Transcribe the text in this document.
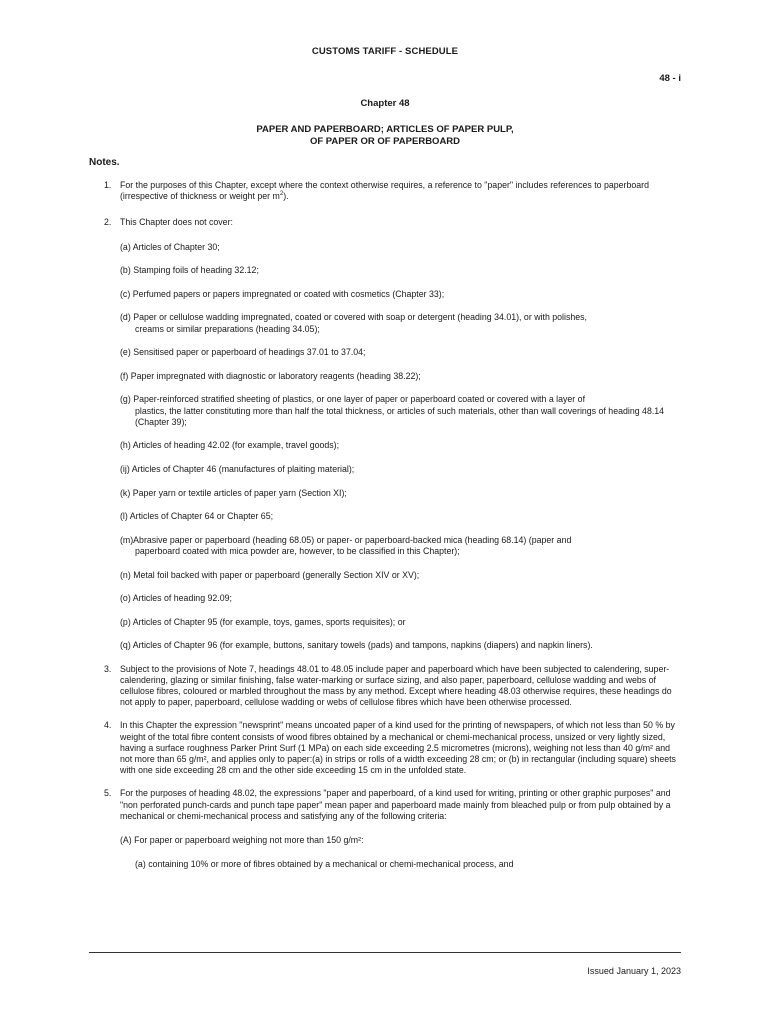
CUSTOMS TARIFF - SCHEDULE
48 - i
Chapter 48
PAPER AND PAPERBOARD; ARTICLES OF PAPER PULP,
OF PAPER OR OF PAPERBOARD
Notes.
1. For the purposes of this Chapter, except where the context otherwise requires, a reference to "paper" includes references to paperboard (irrespective of thickness or weight per $m^2$).
2. This Chapter does not cover:
(a) Articles of Chapter 30;
(b) Stamping foils of heading 32.12;
(c) Perfumed papers or papers impregnated or coated with cosmetics (Chapter 33);
(d) Paper or cellulose wadding impregnated, coated or covered with soap or detergent (heading 34.01), or with polishes,
creams or similar preparations (heading 34.05);
(e) Sensitised paper or paperboard of headings 37.01 to 37.04;
(f) Paper impregnated with diagnostic or laboratory reagents (heading 38.22);
(g) Paper-reinforced stratified sheeting of plastics, or one layer of paper or paperboard coated or covered with a layer of
plastics, the latter constituting more than half the total thickness, or articles of such materials, other than wall coverings of heading 48.14 (Chapter 39);
(h) Articles of heading 42.02 (for example, travel goods);
(ij) Articles of Chapter 46 (manufactures of plaiting material);
(k) Paper yarn or textile articles of paper yarn (Section XI);
(l) Articles of Chapter 64 or Chapter 65;
(m)Abrasive paper or paperboard (heading 68.05) or paper- or paperboard-backed mica (heading 68.14) (paper and
paperboard coated with mica powder are, however, to be classified in this Chapter);
(n) Metal foil backed with paper or paperboard (generally Section XIV or XV);
(o) Articles of heading 92.09;
(p) Articles of Chapter 95 (for example, toys, games, sports requisites); or
(q) Articles of Chapter 96 (for example, buttons, sanitary towels (pads) and tampons, napkins (diapers) and napkin liners).
3. Subject to the provisions of Note 7, headings 48.01 to 48.05 include paper and paperboard which have been subjected to calendering, super-calendering, glazing or similar finishing, false water-marking or surface sizing, and also paper, paperboard, cellulose wadding and webs of cellulose fibres, coloured or marbled throughout the mass by any method. Except where heading 48.03 otherwise requires, these headings do not apply to paper, paperboard, cellulose wadding or webs of cellulose fibres which have been otherwise processed.
4. In this Chapter the expression "newsprint" means uncoated paper of a kind used for the printing of newspapers, of which not less than 50 % by weight of the total fibre content consists of wood fibres obtained by a mechanical or chemi-mechanical process, unsized or very lightly sized, having a surface roughness Parker Print Surf (1 MPa) on each side exceeding 2.5 micrometres (microns), weighing not less than 40 g/m² and not more than 65 g/m², and applies only to paper:(a) in strips or rolls of a width exceeding 28 cm; or (b) in rectangular (including square) sheets with one side exceeding 28 cm and the other side exceeding 15 cm in the unfolded state.
5. For the purposes of heading 48.02, the expressions "paper and paperboard, of a kind used for writing, printing or other graphic purposes" and "non perforated punch-cards and punch tape paper" mean paper and paperboard made mainly from bleached pulp or from pulp obtained by a mechanical or chemi-mechanical process and satisfying any of the following criteria:
(A) For paper or paperboard weighing not more than 150 g/m²:
(a) containing 10% or more of fibres obtained by a mechanical or chemi-mechanical process, and
Issued January 1, 2023
